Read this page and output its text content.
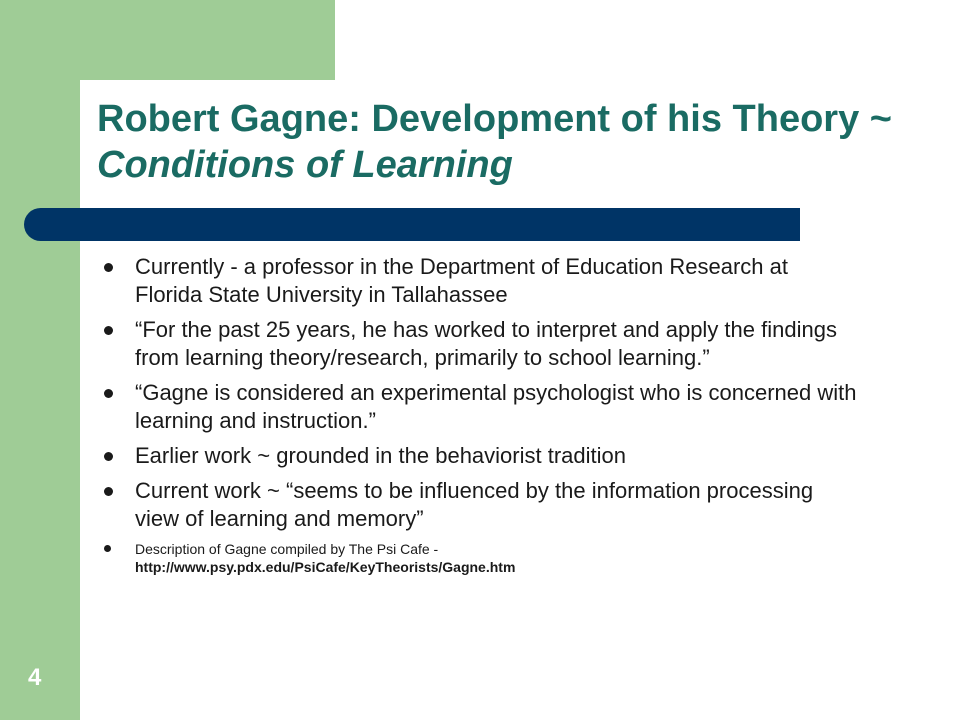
Robert Gagne: Development of his Theory ~ Conditions of Learning
Currently - a professor in the Department of Education Research at Florida State University in Tallahassee
“For the past 25 years, he has worked to interpret and apply the findings from learning theory/research, primarily to school learning.”
“Gagne is considered an experimental psychologist who is concerned with learning and instruction.”
Earlier work ~ grounded in the behaviorist tradition
Current work ~ “seems to be influenced by the information processing view of learning and memory”
Description of Gagne compiled by The Psi Cafe -
http://www.psy.pdx.edu/PsiCafe/KeyTheorists/Gagne.htm
4
